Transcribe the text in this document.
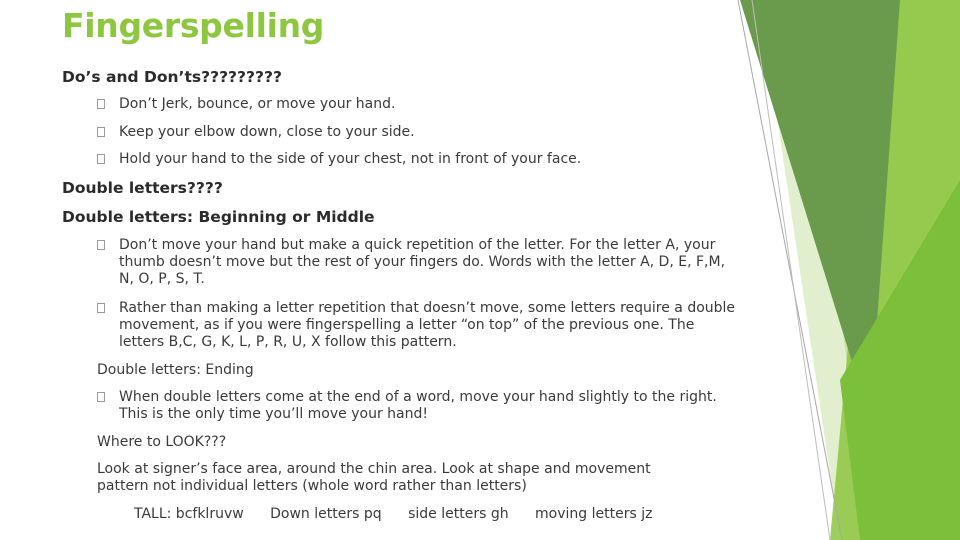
Fingerspelling
Do’s and Don’ts?????????
Don’t Jerk, bounce, or move your hand.
Keep your elbow down, close to your side.
Hold your hand to the side of your chest, not in front of your face.
Double letters????
Double letters: Beginning or Middle
Don’t move your hand but make a quick repetition of the letter. For the letter A, your thumb doesn’t move but the rest of your fingers do. Words with the letter A, D, E, F,M, N, O, P, S, T.
Rather than making a letter repetition that doesn’t move, some letters require a double movement, as if you were fingerspelling a letter “on top” of the previous one. The letters B,C, G, K, L, P, R, U, X follow this pattern.
Double letters: Ending
When double letters come at the end of a word, move your hand slightly to the right. This is the only time you’ll move your hand!
Where to LOOK???
Look at signer’s face area, around the chin area. Look at shape and movement pattern not individual letters (whole word rather than letters)
TALL: bcfklruvw Down letters pq side letters gh moving letters jz
